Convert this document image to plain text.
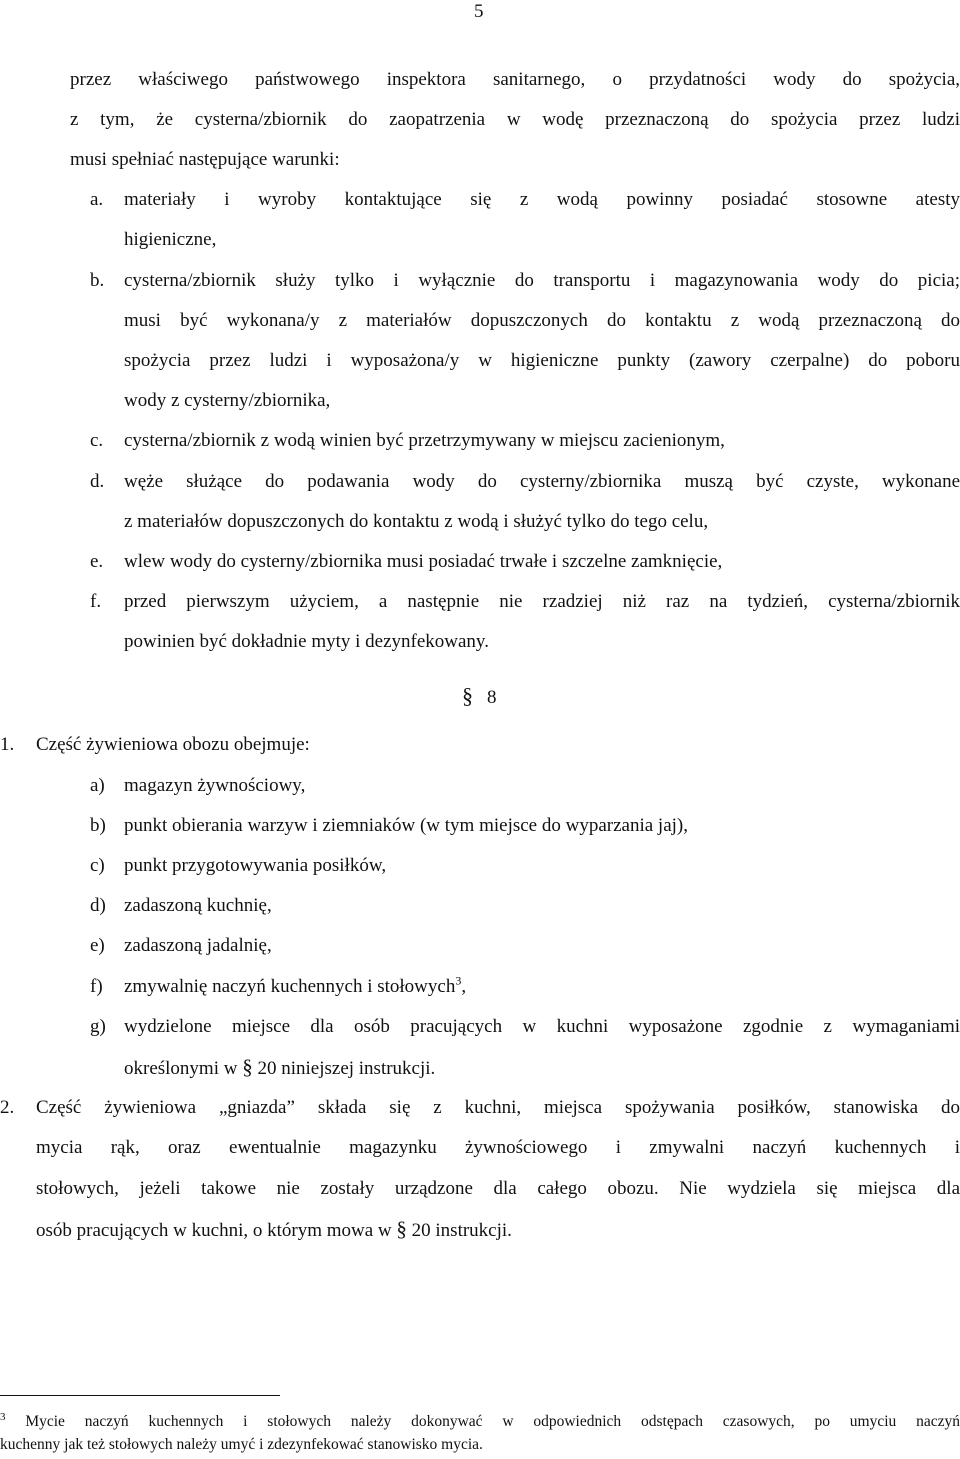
5
przez właściwego państwowego inspektora sanitarnego, o przydatności wody do spożycia,
z tym, że cysterna/zbiornik do zaopatrzenia w wodę przeznaczoną do spożycia przez ludzi
musi spełniać następujące warunki:
a. materiały i wyroby kontaktujące się z wodą powinny posiadać stosowne atesty
higieniczne,
b. cysterna/zbiornik służy tylko i wyłącznie do transportu i magazynowania wody do picia;
musi być wykonana/y z materiałów dopuszczonych do kontaktu z wodą przeznaczoną do
spożycia przez ludzi i wyposażona/y w higieniczne punkty (zawory czerpalne) do poboru
wody z cysterny/zbiornika,
c. cysterna/zbiornik z wodą winien być przetrzymywany w miejscu zacienionym,
d. węże służące do podawania wody do cysterny/zbiornika muszą być czyste, wykonane
z materiałów dopuszczonych do kontaktu z wodą i służyć tylko do tego celu,
e. wlew wody do cysterny/zbiornika musi posiadać trwałe i szczelne zamknięcie,
f. przed pierwszym użyciem, a następnie nie rzadziej niż raz na tydzień, cysterna/zbiornik
powinien być dokładnie myty i dezynfekowany.
§ 8
1. Część żywieniowa obozu obejmuje:
a) magazyn żywnościowy,
b) punkt obierania warzyw i ziemniaków (w tym miejsce do wyparzania jaj),
c) punkt przygotowywania posiłków,
d) zadaszoną kuchnię,
e) zadaszoną jadalnię,
f) zmywalnię naczyń kuchennych i stołowych$^3$,
g) wydzielone miejsce dla osób pracujących w kuchni wyposażone zgodnie z wymaganiami
określonymi w § 20 niniejszej instrukcji.
2. Część żywieniowa „gniazda” składa się z kuchni, miejsca spożywania posiłków, stanowiska do
mycia rąk, oraz ewentualnie magazynku żywnościowego i zmywalni naczyń kuchennych i
stołowych, jeżeli takowe nie zostały urządzone dla całego obozu. Nie wydziela się miejsca dla
osób pracujących w kuchni, o którym mowa w § 20 instrukcji.
$^3$ Mycie naczyń kuchennych i stołowych należy dokonywać w odpowiednich odstępach czasowych, po umyciu naczyń
kuchenny jak też stołowych należy umyć i zdezynfekować stanowisko mycia.
